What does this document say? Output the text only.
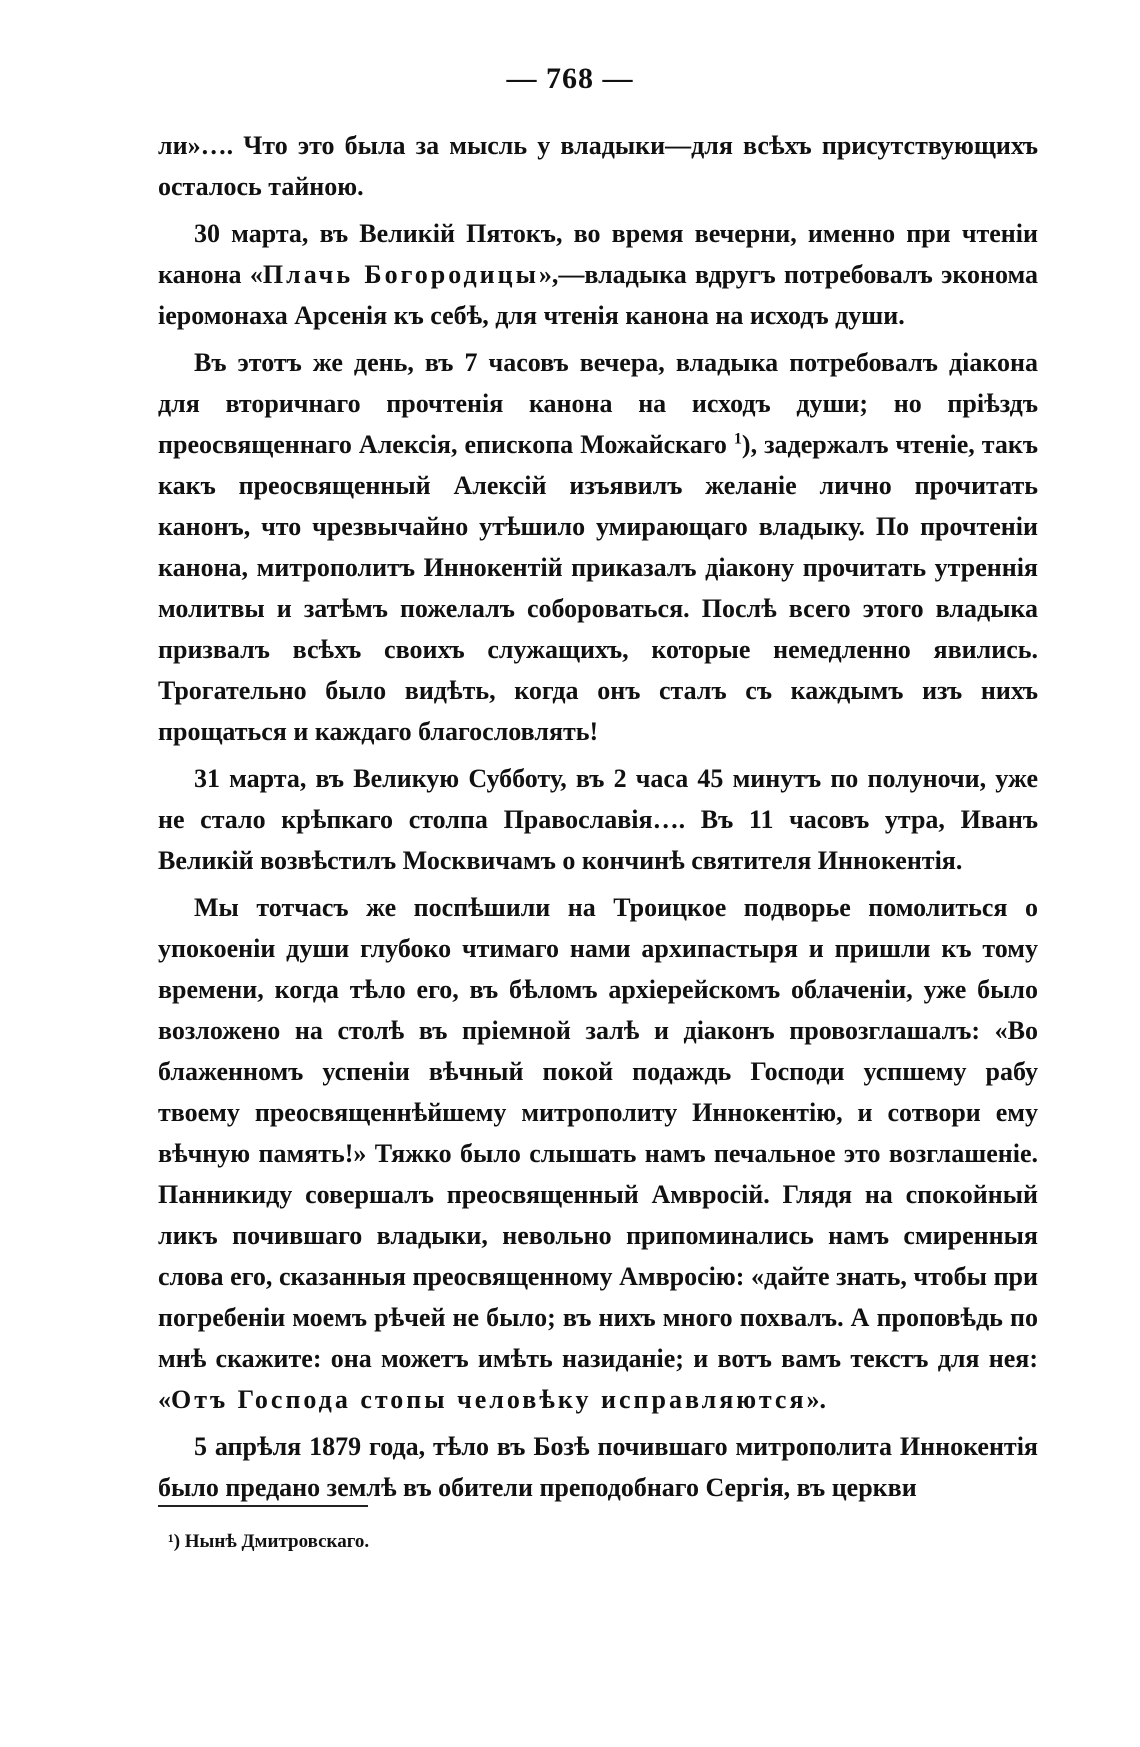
— 768 —

ли»…. Что это была за мысль у владыки—для всѣхъ присутствующихъ осталось тайною.

30 марта, въ Великій Пятокъ, во время вечерни, именно при чтеніи канона «Плачь Богородицы»,—владыка вдругъ потребовалъ эконома іеромонаха Арсенія къ себѣ, для чтенія канона на исходъ души.

Въ этотъ же день, въ 7 часовъ вечера, владыка потребовалъ діакона для вторичнаго прочтенія канона на исходъ души; но пріѣздъ преосвященнаго Алексія, епископа Можайскаго $^1$), задержалъ чтеніе, такъ какъ преосвященный Алексій изъявилъ желаніе лично прочитать канонъ, что чрезвычайно утѣшило умирающаго владыку. По прочтеніи канона, митрополитъ Иннокентій приказалъ діакону прочитать утреннія молитвы и затѣмъ пожелалъ соборoваться. Послѣ всего этого владыка призвалъ всѣхъ своихъ служащихъ, которые немедленно явились. Трогательно было видѣть, когда онъ сталъ съ каждымъ изъ нихъ прощаться и каждаго благословлять!

31 марта, въ Великую Субботу, въ 2 часа 45 минутъ по полуночи, уже не стало крѣпкаго столпа Православія…. Въ 11 часовъ утра, Иванъ Великій возвѣстилъ Москвичамъ о кончинѣ святителя Иннокентія.

Мы тотчасъ же поспѣшили на Троицкое подворье помолиться о упокоеніи души глубоко чтимаго нами архипастыря и пришли къ тому времени, когда тѣло его, въ бѣломъ архіерейскомъ облаченіи, уже было возложено на столѣ въ пріемной залѣ и діаконъ провозглашалъ: «Во блаженномъ успеніи вѣчный покой подаждь Господи успшему рабу твоему преосвященнѣйшему митрополиту Иннокентію, и сотвори ему вѣчную память!» Тяжко было слышать намъ печальное это возглашеніе. Панникиду совершалъ преосвященный Амвросій. Глядя на спокойный ликъ почившаго владыки, невольно припоминались намъ смиренныя слова его, сказанныя преосвященному Амвросію: «дайте знать, чтобы при погребеніи моемъ рѣчей не было; въ нихъ много похвалъ. А проповѣдь по мнѣ скажите: она можетъ имѣть назиданіе; и вотъ вамъ текстъ для нея: «Отъ Господа стопы человѣку исправляются».

5 апрѣля 1879 года, тѣло въ Бозѣ почившаго митрополита Иннокентія было предано землѣ въ обители преподобнаго Сергія, въ церкви

¹) Нынѣ Дмитровскаго.
